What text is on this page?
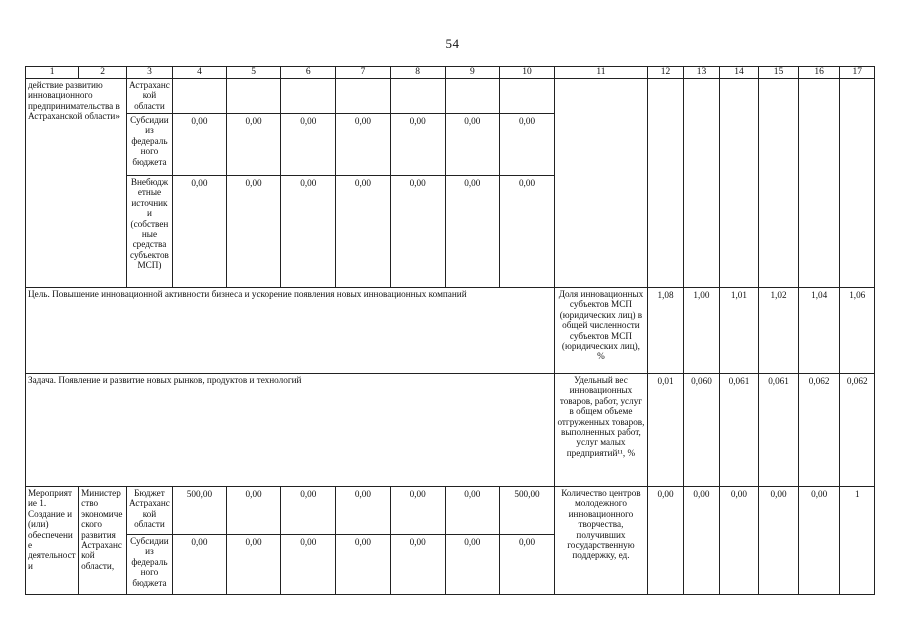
54
1	2	3	4	5	6	7	8	9	10	11	12	13	14	15	16	17
действие развитию инновационного предпринимательства в Астраханской области»		Астраханской области														
		Субсидии из федерального бюджета	0,00	0,00	0,00	0,00	0,00	0,00	0,00							
		Внебюджетные источники (собственные средства субъектов МСП)	0,00	0,00	0,00	0,00	0,00	0,00	0,00							
Цель. Повышение инновационной активности бизнеса и ускорение появления новых инновационных компаний										Доля инновационных субъектов МСП (юридических лиц) в общей численности субъектов МСП (юридических лиц), %	1,08	1,00	1,01	1,02	1,04	1,06
Задача. Появление и развитие новых рынков, продуктов и технологий										Удельный вес инновационных товаров, работ, услуг в общем объеме отгруженных товаров, выполненных работ, услуг малых предприятий¹¹, %	0,01	0,060	0,061	0,061	0,062	0,062
Мероприятие 1. Создание и (или) обеспечение деятельности	Министерство экономического развития Астраханской области,	Бюджет Астраханской области	500,00	0,00	0,00	0,00	0,00	0,00	500,00	Количество центров молодежного инновационного творчества, получивших государственную поддержку, ед.	0,00	0,00	0,00	0,00	0,00	1
		Субсидии из федерального бюджета	0,00	0,00	0,00	0,00	0,00	0,00	0,00							
